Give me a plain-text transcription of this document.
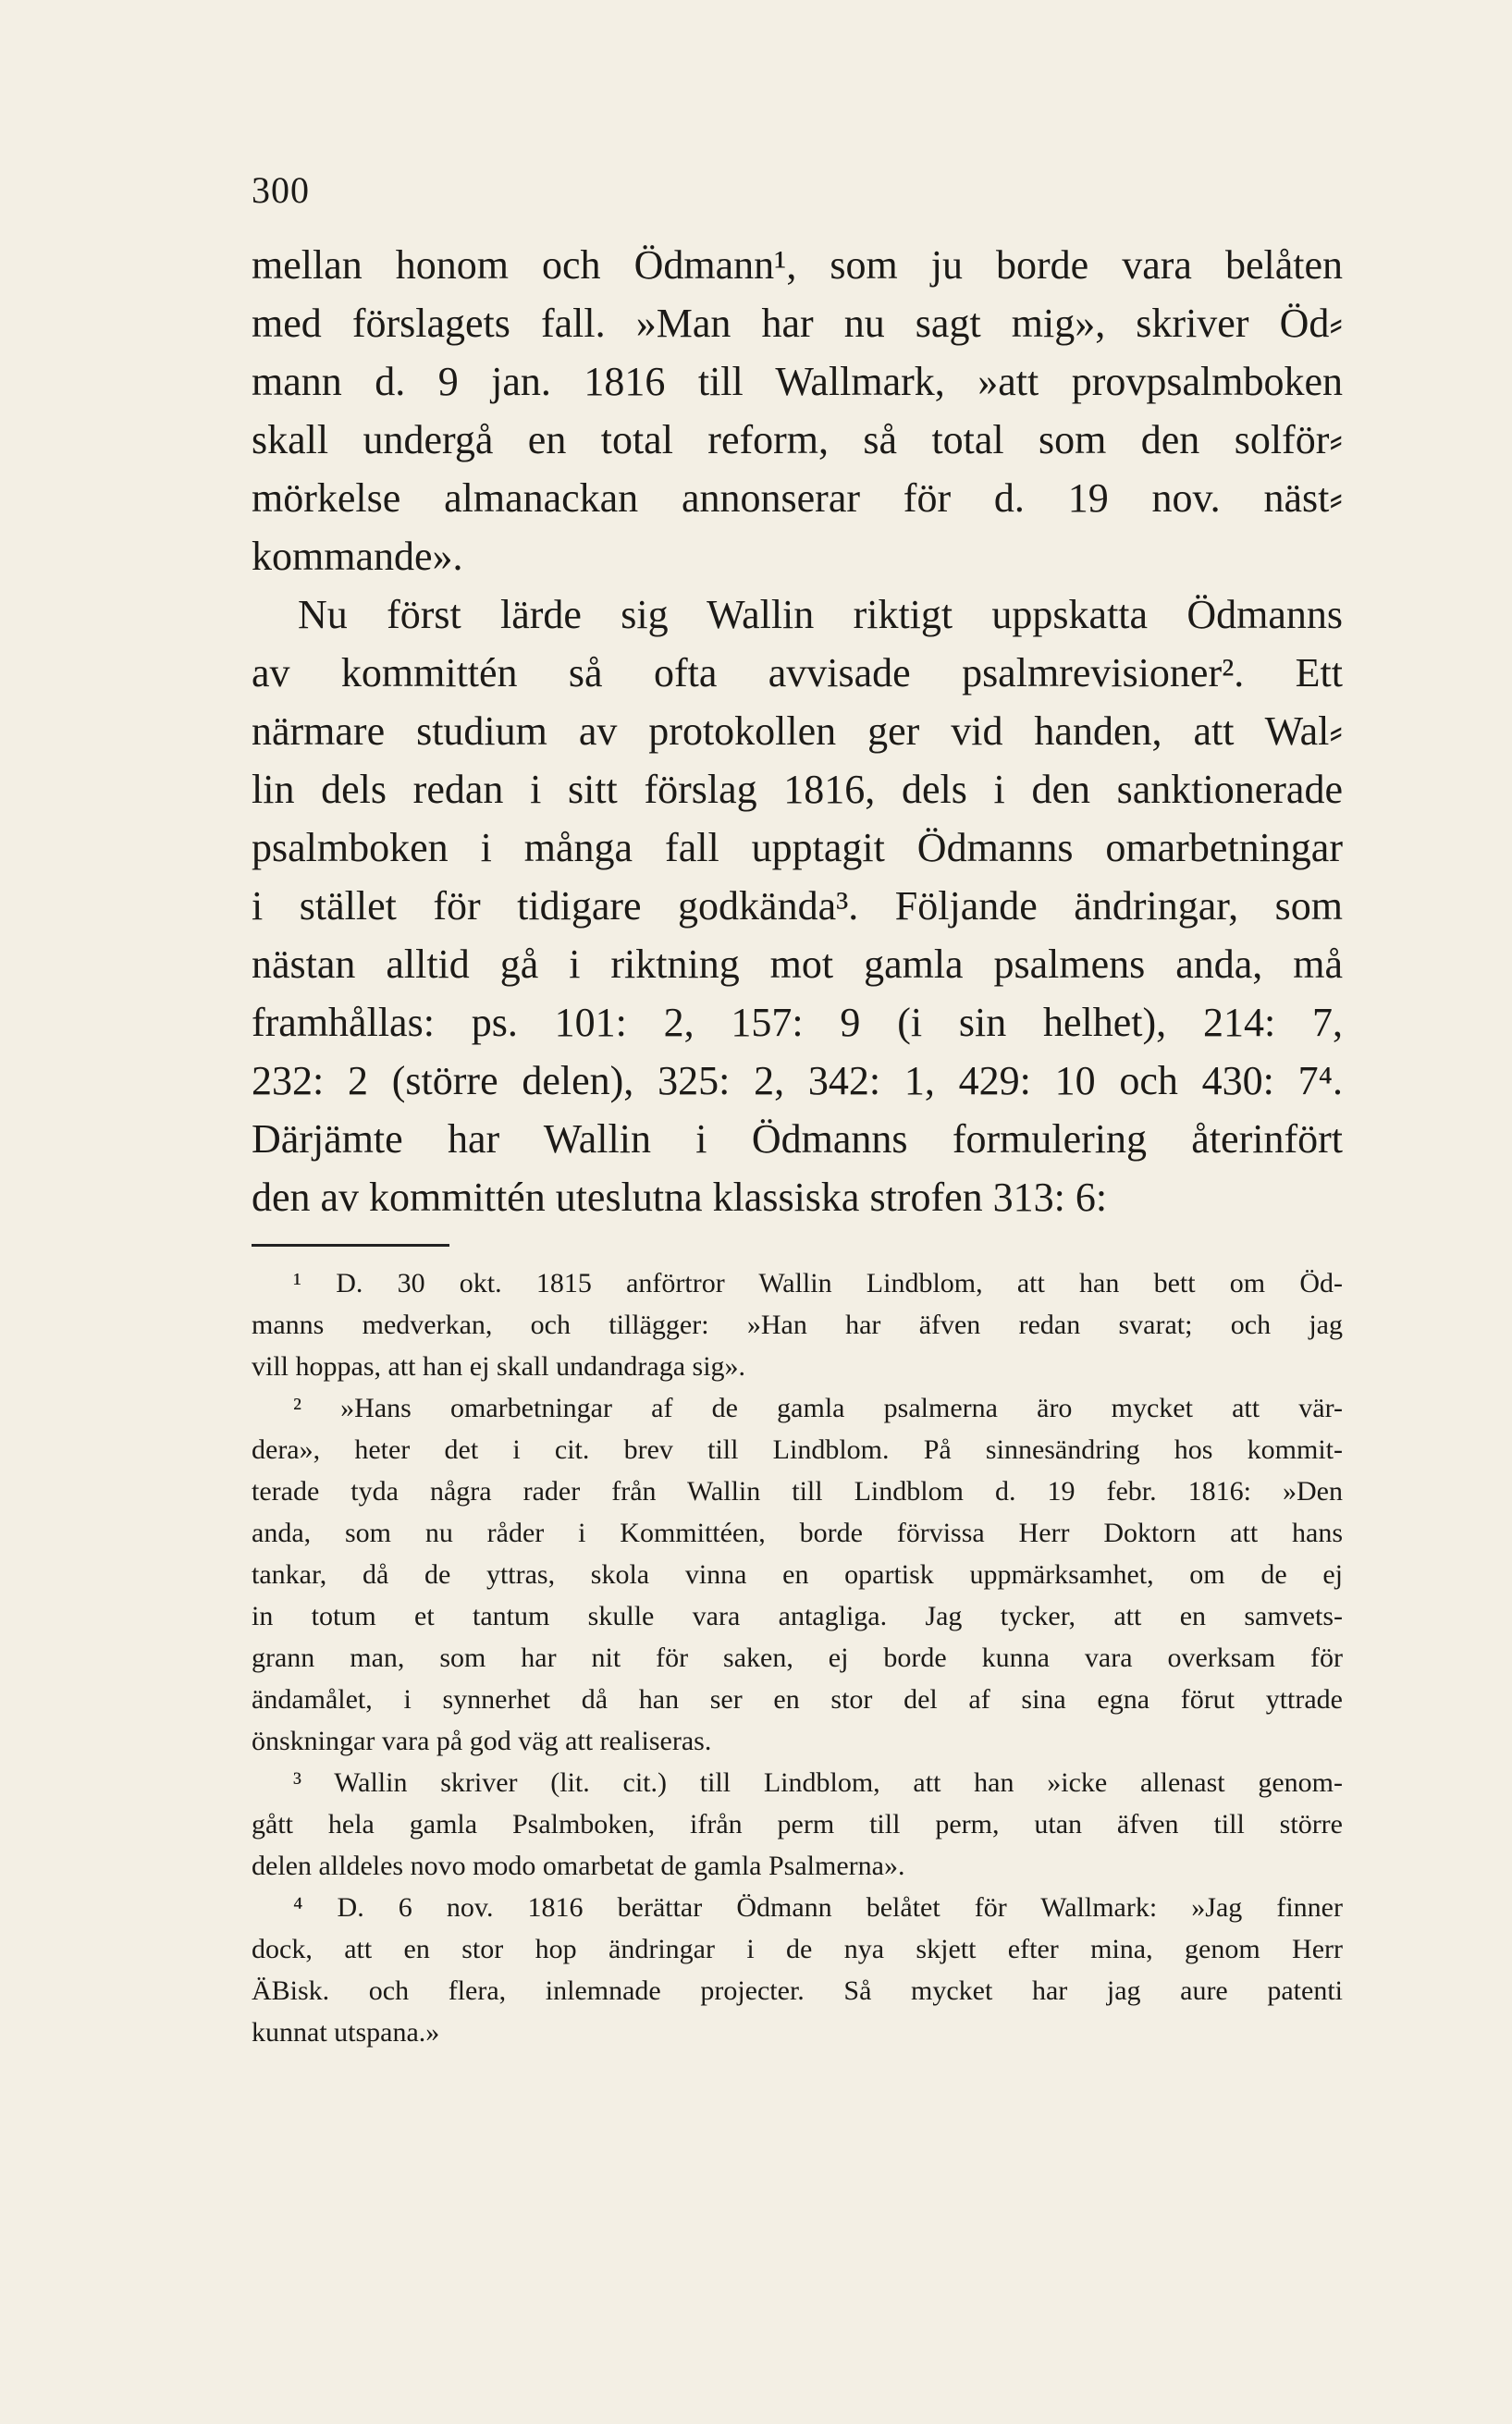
300
mellan honom och Ödmann¹, som ju borde vara belåten
med förslagets fall. »Man har nu sagt mig», skriver Öd⸗
mann d. 9 jan. 1816 till Wallmark, »att provpsalmboken
skall undergå en total reform, så total som den solför⸗
mörkelse almanackan annonserar för d. 19 nov. näst⸗
kommande».
Nu först lärde sig Wallin riktigt uppskatta Ödmanns
av kommittén så ofta avvisade psalmrevisioner². Ett
närmare studium av protokollen ger vid handen, att Wal⸗
lin dels redan i sitt förslag 1816, dels i den sanktionerade
psalmboken i många fall upptagit Ödmanns omarbetningar
i stället för tidigare godkända³. Följande ändringar, som
nästan alltid gå i riktning mot gamla psalmens anda, må
framhållas: ps. 101: 2, 157: 9 (i sin helhet), 214: 7,
232: 2 (större delen), 325: 2, 342: 1, 429: 10 och 430: 7⁴.
Därjämte har Wallin i Ödmanns formulering återinfört
den av kommittén uteslutna klassiska strofen 313: 6:
¹ D. 30 okt. 1815 anförtror Wallin Lindblom, att han bett om Öd-
manns medverkan, och tillägger: »Han har äfven redan svarat; och jag
vill hoppas, att han ej skall undandraga sig».
² »Hans omarbetningar af de gamla psalmerna äro mycket att vär-
dera», heter det i cit. brev till Lindblom. På sinnesändring hos kommit-
terade tyda några rader från Wallin till Lindblom d. 19 febr. 1816: »Den
anda, som nu råder i Kommittéen, borde förvissa Herr Doktorn att hans
tankar, då de yttras, skola vinna en opartisk uppmärksamhet, om de ej
in totum et tantum skulle vara antagliga. Jag tycker, att en samvets-
grann man, som har nit för saken, ej borde kunna vara overksam för
ändamålet, i synnerhet då han ser en stor del af sina egna förut yttrade
önskningar vara på god väg att realiseras.
³ Wallin skriver (lit. cit.) till Lindblom, att han »icke allenast genom-
gått hela gamla Psalmboken, ifrån perm till perm, utan äfven till större
delen alldeles novo modo omarbetat de gamla Psalmerna».
⁴ D. 6 nov. 1816 berättar Ödmann belåtet för Wallmark: »Jag finner
dock, att en stor hop ändringar i de nya skjett efter mina, genom Herr
ÄBisk. och flera, inlemnade projecter. Så mycket har jag aure patenti
kunnat utspana.»
